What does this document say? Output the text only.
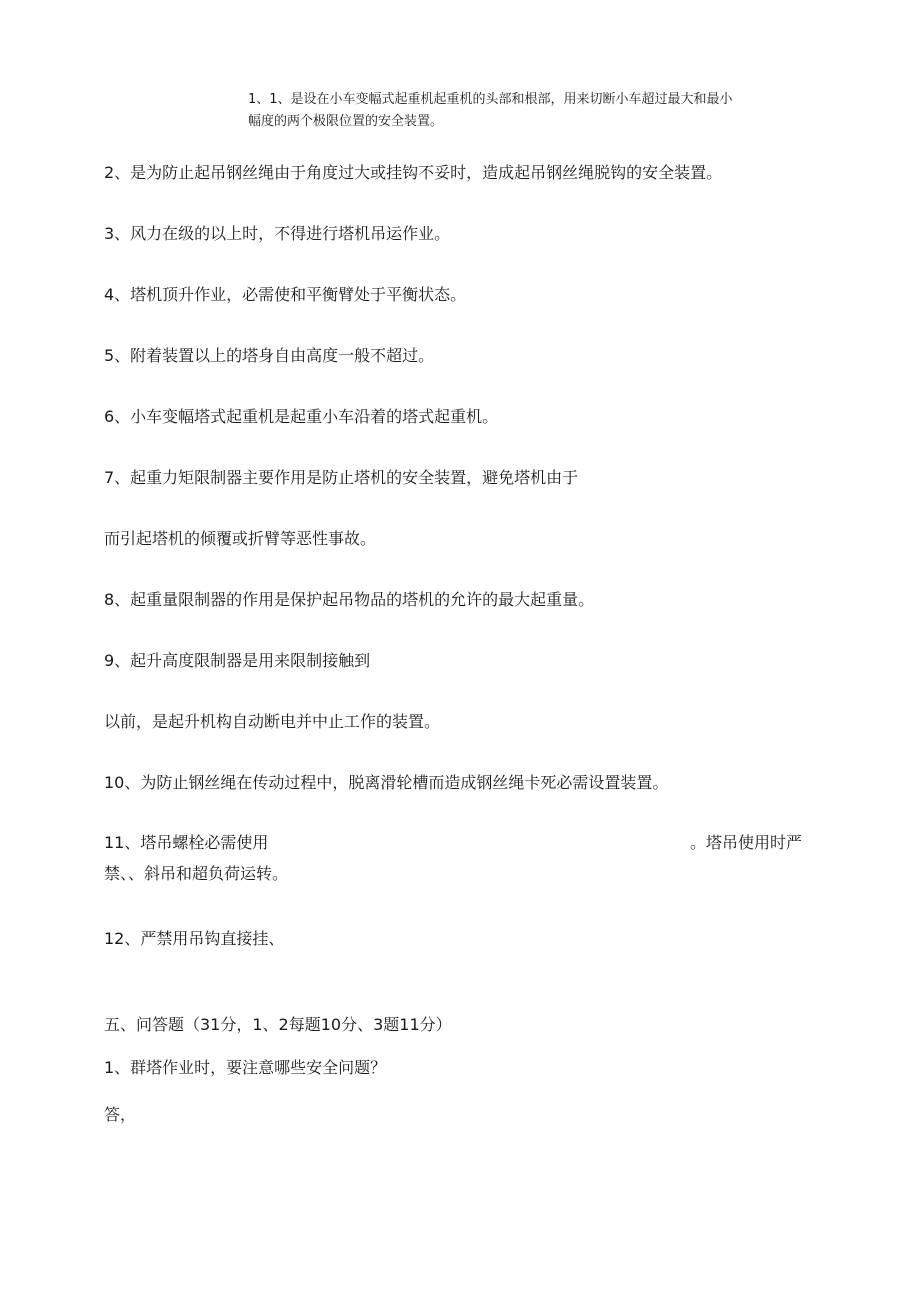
1、1、是设在小车变幅式起重机起重机的头部和根部，用来切断小车超过最大和最小

幅度的两个极限位置的安全装置。

2、是为防止起吊钢丝绳由于角度过大或挂钩不妥时，造成起吊钢丝绳脱钩的安全装置。

3、风力在级的以上时，不得进行塔机吊运作业。

4、塔机顶升作业，必需使和平衡臂处于平衡状态。

5、附着装置以上的塔身自由高度一般不超过。

6、小车变幅塔式起重机是起重小车沿着的塔式起重机。

7、起重力矩限制器主要作用是防止塔机的安全装置，避免塔机由于

而引起塔机的倾覆或折臂等恶性事故。

8、起重量限制器的作用是保护起吊物品的塔机的允许的最大起重量。

9、起升高度限制器是用来限制接触到

以前，是起升机构自动断电并中止工作的装置。

10、为防止钢丝绳在传动过程中，脱离滑轮槽而造成钢丝绳卡死必需设置装置。

11、塔吊螺栓必需使用	。塔吊使用时严

禁、、斜吊和超负荷运转。

12、严禁用吊钩直接挂、

五、问答题（31分，1、2每题10分、3题11分）

1、群塔作业时，要注意哪些安全问题？

答，
